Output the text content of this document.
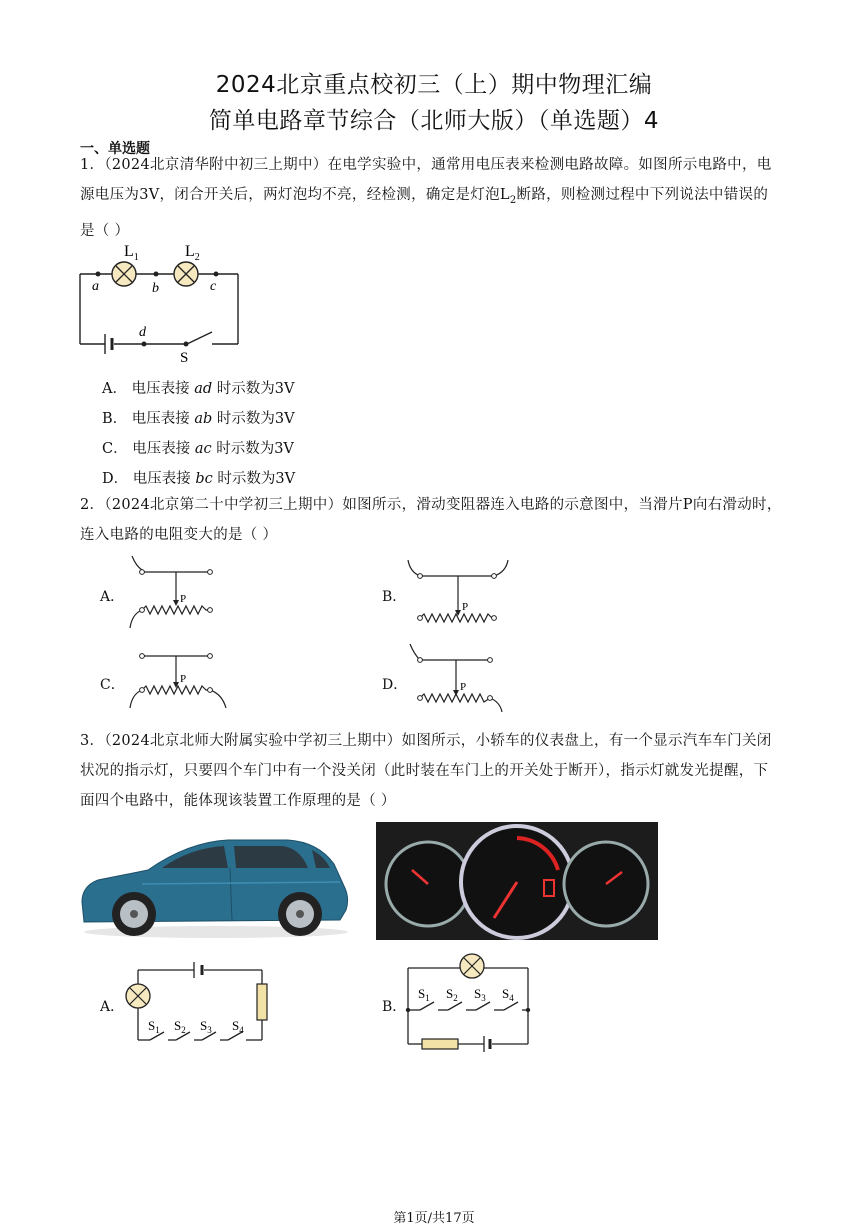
2024北京重点校初三（上）期中物理汇编
简单电路章节综合（北师大版）（单选题）4
一、单选题
1．（2024北京清华附中初三上期中）在电学实验中，通常用电压表来检测电路故障。如图所示电路中，电
源电压为3V，闭合开关后，两灯泡均不亮，经检测，确定是灯泡$L_2$断路，则检测过程中下列说法中错误的
是（ ）
$L_1$	$L_2$
a	b	c
d
S
A． 电压表接 ad 时示数为3V
B． 电压表接 ab 时示数为3V
C． 电压表接 ac 时示数为3V
D． 电压表接 bc 时示数为3V
2．（2024北京第二十中学初三上期中）如图所示，滑动变阻器连入电路的示意图中，当滑片P向右滑动时，
连入电路的电阻变大的是（ ）
A．	P	B．
P
C．	P	D．	P
3．（2024北京北师大附属实验中学初三上期中）如图所示，小轿车的仪表盘上，有一个显示汽车车门关闭
状况的指示灯，只要四个车门中有一个没关闭（此时装在车门上的开关处于断开），指示灯就发光提醒，下
面四个电路中，能体现该装置工作原理的是（ ）
A．
$S_1$ $S_2$ $S_3$ $S_4$
B．
$S_1$ $S_2$ $S_3$ $S_4$
第1页/共17页
